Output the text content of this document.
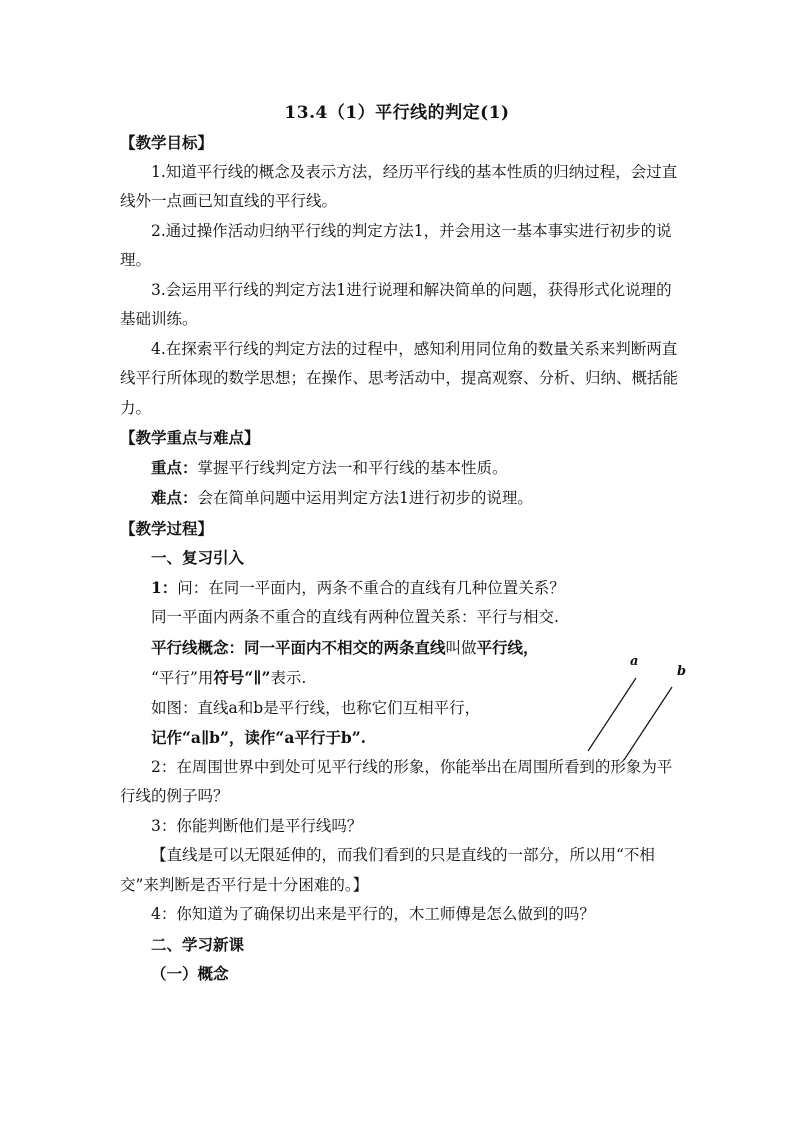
13.4（1）平行线的判定(1)

【教学目标】

1.知道平行线的概念及表示方法，经历平行线的基本性质的归纳过程，会过直线外一点画已知直线的平行线。

2.通过操作活动归纳平行线的判定方法1，并会用这一基本事实进行初步的说理。

3.会运用平行线的判定方法1进行说理和解决简单的问题，获得形式化说理的基础训练。

4.在探索平行线的判定方法的过程中，感知利用同位角的数量关系来判断两直线平行所体现的数学思想；在操作、思考活动中，提高观察、分析、归纳、概括能力。

【教学重点与难点】

重点：掌握平行线判定方法一和平行线的基本性质。

难点：会在简单问题中运用判定方法1进行初步的说理。

【教学过程】

一、复习引入

1：问：在同一平面内，两条不重合的直线有几种位置关系？

同一平面内两条不重合的直线有两种位置关系：平行与相交.

平行线概念：同一平面内不相交的两条直线叫做平行线，

“平行”用符号“∥”表示.

如图：直线a和b是平行线，也称它们互相平行，

记作“a∥b”，读作“a平行于b”.

2：在周围世界中到处可见平行线的形象，你能举出在周围所看到的形象为平行线的例子吗？

3：你能判断他们是平行线吗？

【直线是可以无限延伸的，而我们看到的只是直线的一部分，所以用“不相交”来判断是否平行是十分困难的。】

4：你知道为了确保切出来是平行的，木工师傅是怎么做到的吗？

二、学习新课

（一）概念

a
b
